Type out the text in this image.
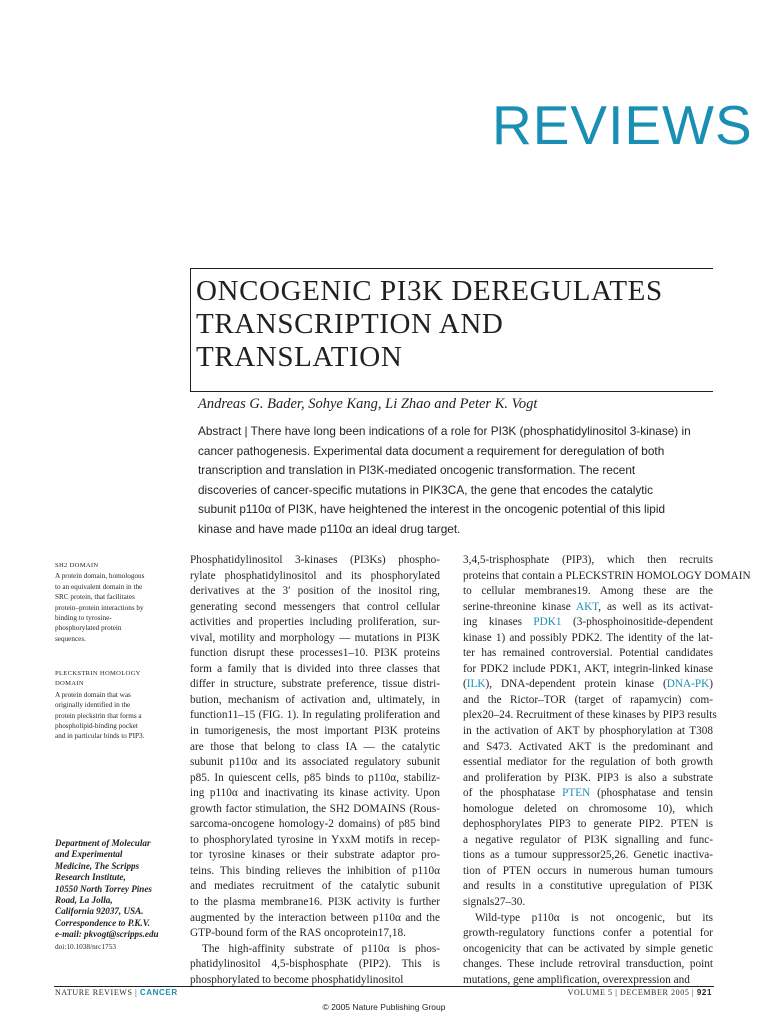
REVIEWS
ONCOGENIC PI3K DEREGULATES
TRANSCRIPTION AND
TRANSLATION
Andreas G. Bader, Sohye Kang, Li Zhao and Peter K. Vogt
Abstract | There have long been indications of a role for PI3K (phosphatidylinositol 3-kinase) in
cancer pathogenesis. Experimental data document a requirement for deregulation of both
transcription and translation in PI3K-mediated oncogenic transformation. The recent
discoveries of cancer-specific mutations in PIK3CA, the gene that encodes the catalytic
subunit p110α of PI3K, have heightened the interest in the oncogenic potential of this lipid
kinase and have made p110α an ideal drug target.
SH2 DOMAIN
A protein domain, homologous
to an equivalent domain in the
SRC protein, that facilitates
protein–protein interactions by
binding to tyrosine-
phosphorylated protein
sequences.
PLECKSTRIN HOMOLOGY
DOMAIN
A protein domain that was
originally identified in the
protein pleckstrin that forms a
phospholipid-binding pocket
and in particular binds to PIP3.
Department of Molecular
and Experimental
Medicine, The Scripps
Research Institute,
10550 North Torrey Pines
Road, La Jolla,
California 92037, USA.
Correspondence to P.K.V.
e-mail: pkvogt@scripps.edu
doi:10.1038/nrc1753
Phosphatidylinositol 3-kinases (PI3Ks) phospho-
rylate phosphatidylinositol and its phosphorylated
derivatives at the 3′ position of the inositol ring,
generating second messengers that control cellular
activities and properties including proliferation, sur-
vival, motility and morphology — mutations in PI3K
function disrupt these processes1–10. PI3K proteins
form a family that is divided into three classes that
differ in structure, substrate preference, tissue distri-
bution, mechanism of activation and, ultimately, in
function11–15 (FIG. 1). In regulating proliferation and
in tumorigenesis, the most important PI3K proteins
are those that belong to class IA — the catalytic
subunit p110α and its associated regulatory subunit
p85. In quiescent cells, p85 binds to p110α, stabiliz-
ing p110α and inactivating its kinase activity. Upon
growth factor stimulation, the SH2 DOMAINS (Rous-
sarcoma-oncogene homology-2 domains) of p85 bind
to phosphorylated tyrosine in YxxM motifs in recep-
tor tyrosine kinases or their substrate adaptor pro-
teins. This binding relieves the inhibition of p110α
and mediates recruitment of the catalytic subunit
to the plasma membrane16. PI3K activity is further
augmented by the interaction between p110α and the
GTP-bound form of the RAS oncoprotein17,18.
The high-affinity substrate of p110α is phos-
phatidylinositol 4,5-bisphosphate (PIP2). This is
phosphorylated to become phosphatidylinositol
3,4,5-trisphosphate (PIP3), which then recruits
proteins that contain a PLECKSTRIN HOMOLOGY DOMAIN
to cellular membranes19. Among these are the
serine-threonine kinase AKT, as well as its activat-
ing kinases PDK1 (3-phosphoinositide-dependent
kinase 1) and possibly PDK2. The identity of the lat-
ter has remained controversial. Potential candidates
for PDK2 include PDK1, AKT, integrin-linked kinase
(ILK), DNA-dependent protein kinase (DNA-PK)
and the Rictor–TOR (target of rapamycin) com-
plex20–24. Recruitment of these kinases by PIP3 results
in the activation of AKT by phosphorylation at T308
and S473. Activated AKT is the predominant and
essential mediator for the regulation of both growth
and proliferation by PI3K. PIP3 is also a substrate
of the phosphatase PTEN (phosphatase and tensin
homologue deleted on chromosome 10), which
dephosphorylates PIP3 to generate PIP2. PTEN is
a negative regulator of PI3K signalling and func-
tions as a tumour suppressor25,26. Genetic inactiva-
tion of PTEN occurs in numerous human tumours
and results in a constitutive upregulation of PI3K
signals27–30.
Wild-type p110α is not oncogenic, but its
growth-regulatory functions confer a potential for
oncogenicity that can be activated by simple genetic
changes. These include retroviral transduction, point
mutations, gene amplification, overexpression and
NATURE REVIEWS | CANCER	VOLUME 5 | DECEMBER 2005 | 921
© 2005 Nature Publishing Group
